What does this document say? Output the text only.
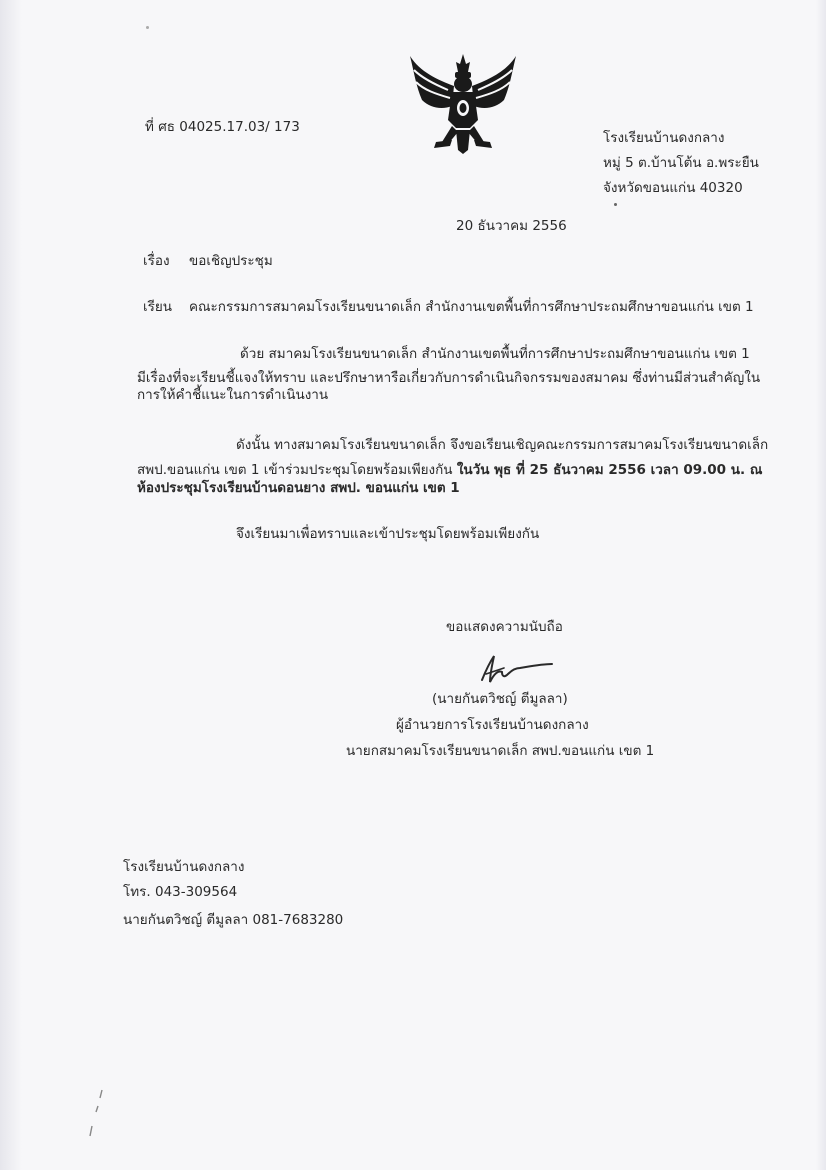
ที่ ศธ 04025.17.03/ 173
โรงเรียนบ้านดงกลาง
หมู่ 5 ต.บ้านโต้น อ.พระยืน
จังหวัดขอนแก่น 40320
20 ธันวาคม 2556
เรื่อง ขอเชิญประชุม
เรียน คณะกรรมการสมาคมโรงเรียนขนาดเล็ก สำนักงานเขตพื้นที่การศึกษาประถมศึกษาขอนแก่น เขต 1
ด้วย สมาคมโรงเรียนขนาดเล็ก สำนักงานเขตพื้นที่การศึกษาประถมศึกษาขอนแก่น เขต 1
มีเรื่องที่จะเรียนชี้แจงให้ทราบ และปรึกษาหารือเกี่ยวกับการดำเนินกิจกรรมของสมาคม ซึ่งท่านมีส่วนสำคัญใน
การให้คำชี้แนะในการดำเนินงาน
ดังนั้น ทางสมาคมโรงเรียนขนาดเล็ก จึงขอเรียนเชิญคณะกรรมการสมาคมโรงเรียนขนาดเล็ก
สพป.ขอนแก่น เขต 1 เข้าร่วมประชุมโดยพร้อมเพียงกัน ในวัน พุธ ที่ 25 ธันวาคม 2556 เวลา 09.00 น. ณ
ห้องประชุมโรงเรียนบ้านดอนยาง สพป. ขอนแก่น เขต 1
จึงเรียนมาเพื่อทราบและเข้าประชุมโดยพร้อมเพียงกัน
ขอแสดงความนับถือ
(นายกันตวิชญ์ ตีมูลลา)
ผู้อำนวยการโรงเรียนบ้านดงกลาง
นายกสมาคมโรงเรียนขนาดเล็ก สพป.ขอนแก่น เขต 1
โรงเรียนบ้านดงกลาง
โทร. 043-309564
นายกันตวิชญ์ ตีมูลลา 081-7683280
